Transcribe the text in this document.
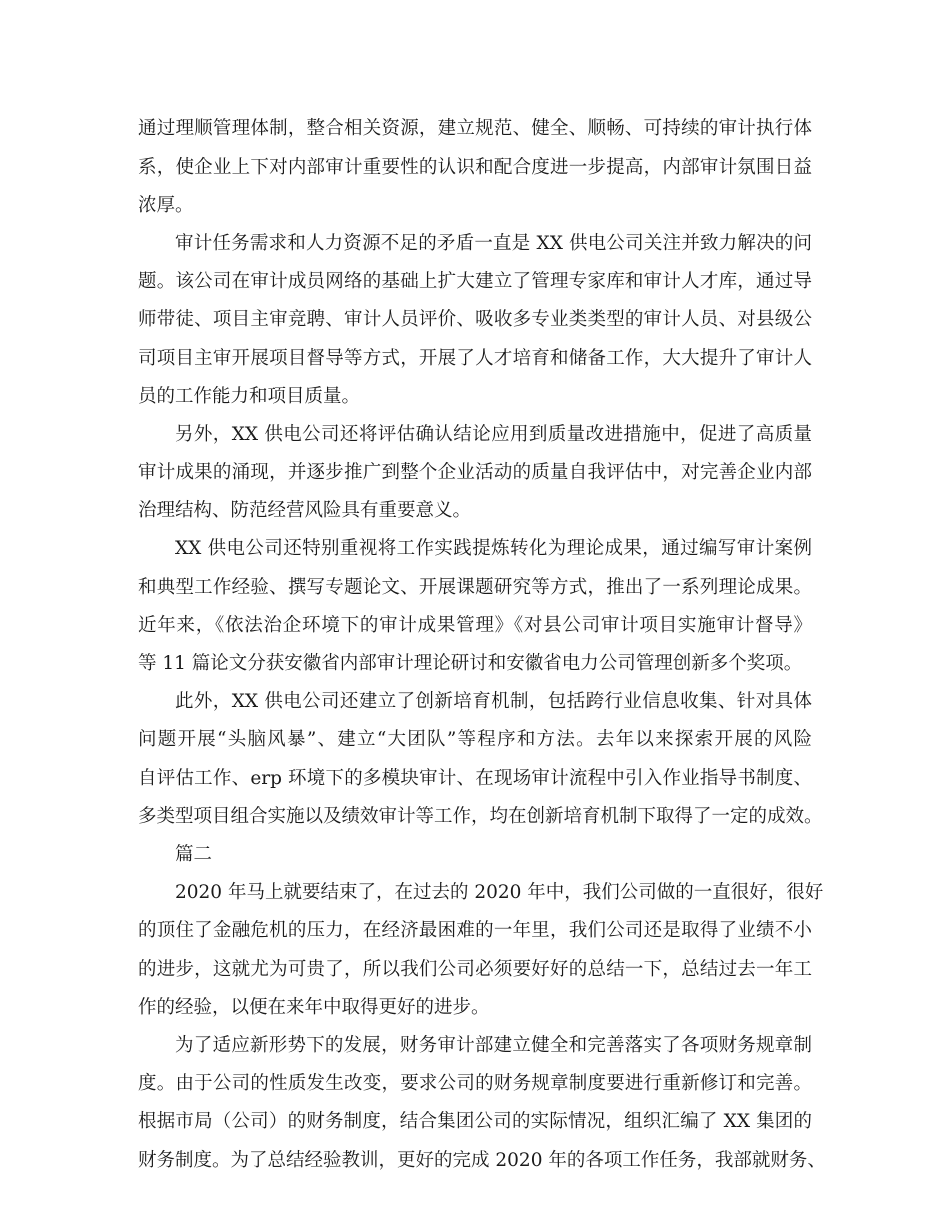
通过理顺管理体制，整合相关资源，建立规范、健全、顺畅、可持续的审计执行体
系，使企业上下对内部审计重要性的认识和配合度进一步提高，内部审计氛围日益
浓厚。
审计任务需求和人力资源不足的矛盾一直是 XX 供电公司关注并致力解决的问
题。该公司在审计成员网络的基础上扩大建立了管理专家库和审计人才库，通过导
师带徒、项目主审竞聘、审计人员评价、吸收多专业类类型的审计人员、对县级公
司项目主审开展项目督导等方式，开展了人才培育和储备工作，大大提升了审计人
员的工作能力和项目质量。
另外，XX 供电公司还将评估确认结论应用到质量改进措施中，促进了高质量
审计成果的涌现，并逐步推广到整个企业活动的质量自我评估中，对完善企业内部
治理结构、防范经营风险具有重要意义。
XX 供电公司还特别重视将工作实践提炼转化为理论成果，通过编写审计案例
和典型工作经验、撰写专题论文、开展课题研究等方式，推出了一系列理论成果。
近年来，《依法治企环境下的审计成果管理》《对县公司审计项目实施审计督导》
等 11 篇论文分获安徽省内部审计理论研讨和安徽省电力公司管理创新多个奖项。
此外，XX 供电公司还建立了创新培育机制，包括跨行业信息收集、针对具体
问题开展“头脑风暴”、建立“大团队”等程序和方法。去年以来探索开展的风险
自评估工作、erp 环境下的多模块审计、在现场审计流程中引入作业指导书制度、
多类型项目组合实施以及绩效审计等工作，均在创新培育机制下取得了一定的成效。
篇二
2020 年马上就要结束了，在过去的 2020 年中，我们公司做的一直很好，很好
的顶住了金融危机的压力，在经济最困难的一年里，我们公司还是取得了业绩不小
的进步，这就尤为可贵了，所以我们公司必须要好好的总结一下，总结过去一年工
作的经验，以便在来年中取得更好的进步。
为了适应新形势下的发展，财务审计部建立健全和完善落实了各项财务规章制
度。由于公司的性质发生改变，要求公司的财务规章制度要进行重新修订和完善。
根据市局（公司）的财务制度，结合集团公司的实际情况，组织汇编了 XX 集团的
财务制度。为了总结经验教训，更好的完成 2020 年的各项工作任务，我部就财务、
